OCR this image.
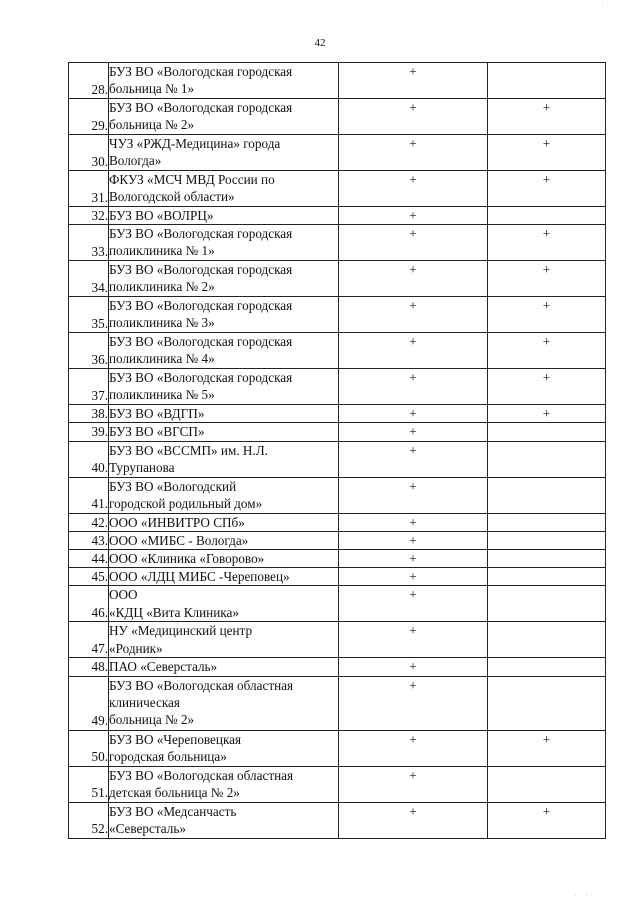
· · ·
42
28.	БУЗ ВО «Вологодская городская
больница № 1»	+	
29.	БУЗ ВО «Вологодская городская
больница № 2»	+	+
30.	ЧУЗ «РЖД-Медицина» города
Вологда»	+	+
31.	ФКУЗ «МСЧ МВД России по
Вологодской области»	+	+
32.	БУЗ ВО «ВОЛРЦ»	+	
33.	БУЗ ВО «Вологодская городская
поликлиника № 1»	+	+
34.	БУЗ ВО «Вологодская городская
поликлиника № 2»	+	+
35.	БУЗ ВО «Вологодская городская
поликлиника № 3»	+	+
36.	БУЗ ВО «Вологодская городская
поликлиника № 4»	+	+
37.	БУЗ ВО «Вологодская городская
поликлиника № 5»	+	+
38.	БУЗ ВО «ВДГП»	+	+
39.	БУЗ ВО «ВГСП»	+	
40.	БУЗ ВО «ВССМП» им. Н.Л.
Турупанова	+	
41.	БУЗ ВО «Вологодский
городской родильный дом»	+	
42.	ООО «ИНВИТРО СПб»	+	
43.	ООО «МИБС - Вологда»	+	
44.	ООО «Клиника «Говорово»	+	
45.	ООО «ЛДЦ МИБС -Череповец»	+	
46.	ООО
«КДЦ «Вита Клиника»	+	
47.	НУ «Медицинский центр
«Родник»	+	
48.	ПАО «Северсталь»	+	
49.	БУЗ ВО «Вологодская областная
клиническая
больница № 2»	+	
50.	БУЗ ВО «Череповецкая
городская больница»	+	+
51.	БУЗ ВО «Вологодская областная
детская больница № 2»	+	
52.	БУЗ ВО «Медсанчасть
«Северсталь»	+	+
· · · ·
